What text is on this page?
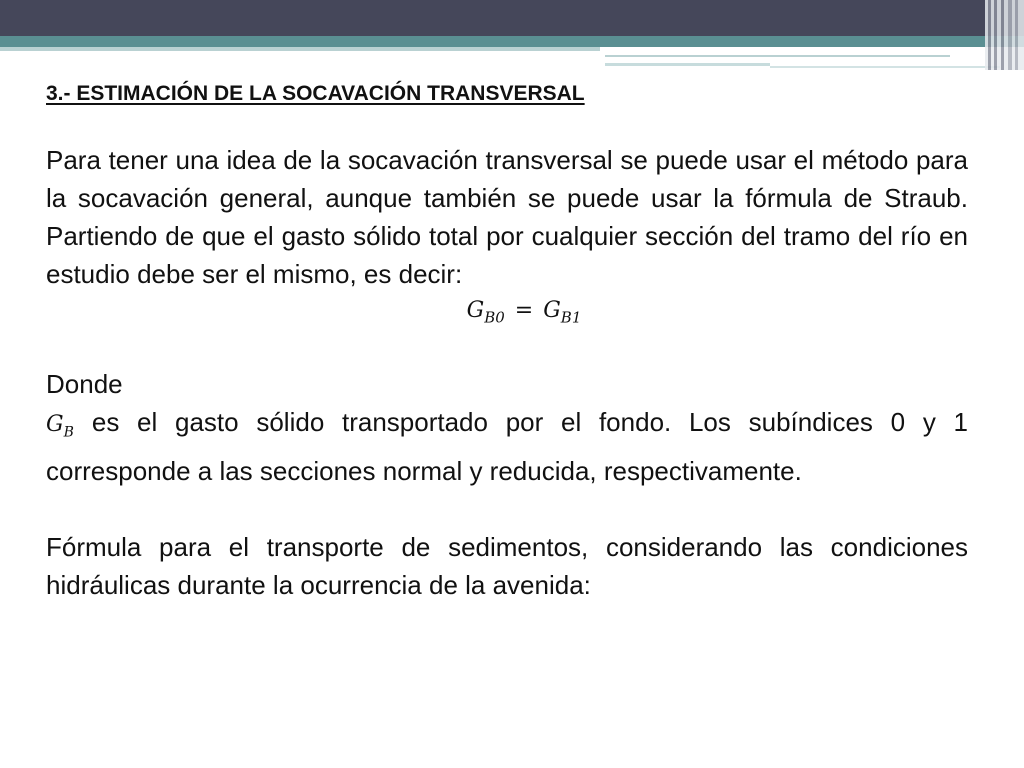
3.- ESTIMACIÓN DE LA SOCAVACIÓN TRANSVERSAL

Para tener una idea de la socavación transversal se puede usar el método para la socavación general, aunque también se puede usar la fórmula de Straub. Partiendo de que el gasto sólido total por cualquier sección del tramo del río en estudio debe ser el mismo, es decir:

$G_{B0} = G_{B1}$

Donde

$G_B$ es el gasto sólido transportado por el fondo. Los subíndices 0 y 1 corresponde a las secciones normal y reducida, respectivamente.

Fórmula para el transporte de sedimentos, considerando las condiciones hidráulicas durante la ocurrencia de la avenida:
